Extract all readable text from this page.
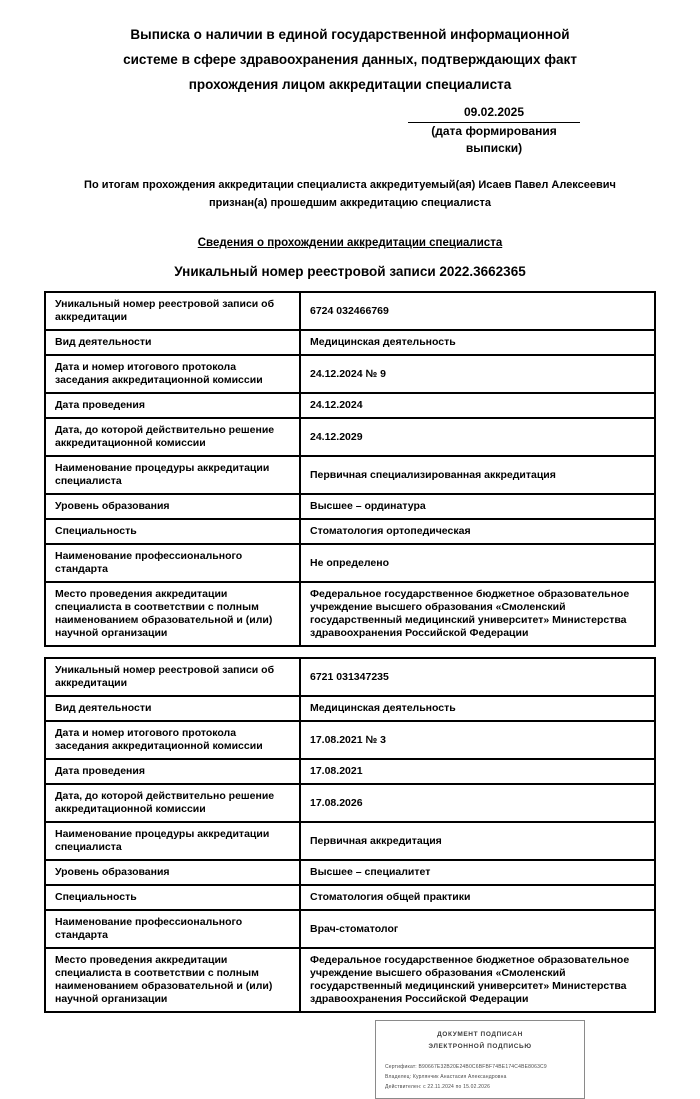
Выписка о наличии в единой государственной информационной
системе в сфере здравоохранения данных, подтверждающих факт
прохождения лицом аккредитации специалиста
09.02.2025
(дата формирования выписки)
По итогам прохождения аккредитации специалиста аккредитуемый(ая) Исаев Павел Алексеевич
признан(а) прошедшим аккредитацию специалиста
Сведения о прохождении аккредитации специалиста
Уникальный номер реестровой записи 2022.3662365
Уникальный номер реестровой записи об аккредитации	6724 032466769
Вид деятельности	Медицинская деятельность
Дата и номер итогового протокола заседания аккредитационной комиссии	24.12.2024 № 9
Дата проведения	24.12.2024
Дата, до которой действительно решение аккредитационной комиссии	24.12.2029
Наименование процедуры аккредитации специалиста	Первичная специализированная аккредитация
Уровень образования	Высшее – ординатура
Специальность	Стоматология ортопедическая
Наименование профессионального стандарта	Не определено
Место проведения аккредитации специалиста в соответствии с полным наименованием образовательной и (или) научной организации	Федеральное государственное бюджетное образовательное учреждение высшего образования «Смоленский государственный медицинский университет» Министерства здравоохранения Российской Федерации
Уникальный номер реестровой записи об аккредитации	6721 031347235
Вид деятельности	Медицинская деятельность
Дата и номер итогового протокола заседания аккредитационной комиссии	17.08.2021 № 3
Дата проведения	17.08.2021
Дата, до которой действительно решение аккредитационной комиссии	17.08.2026
Наименование процедуры аккредитации специалиста	Первичная аккредитация
Уровень образования	Высшее – специалитет
Специальность	Стоматология общей практики
Наименование профессионального стандарта	Врач-стоматолог
Место проведения аккредитации специалиста в соответствии с полным наименованием образовательной и (или) научной организации	Федеральное государственное бюджетное образовательное учреждение высшего образования «Смоленский государственный медицинский университет» Министерства здравоохранения Российской Федерации
ДОКУМЕНТ ПОДПИСАН
ЭЛЕКТРОННОЙ ПОДПИСЬЮ
Сертификат: B90667E32B20E24B0C6BFBF74BE174C4BE8063C9
Владелец: Курлянчик Анастасия Александровна
Действителен: с 22.11.2024 по 15.02.2026
